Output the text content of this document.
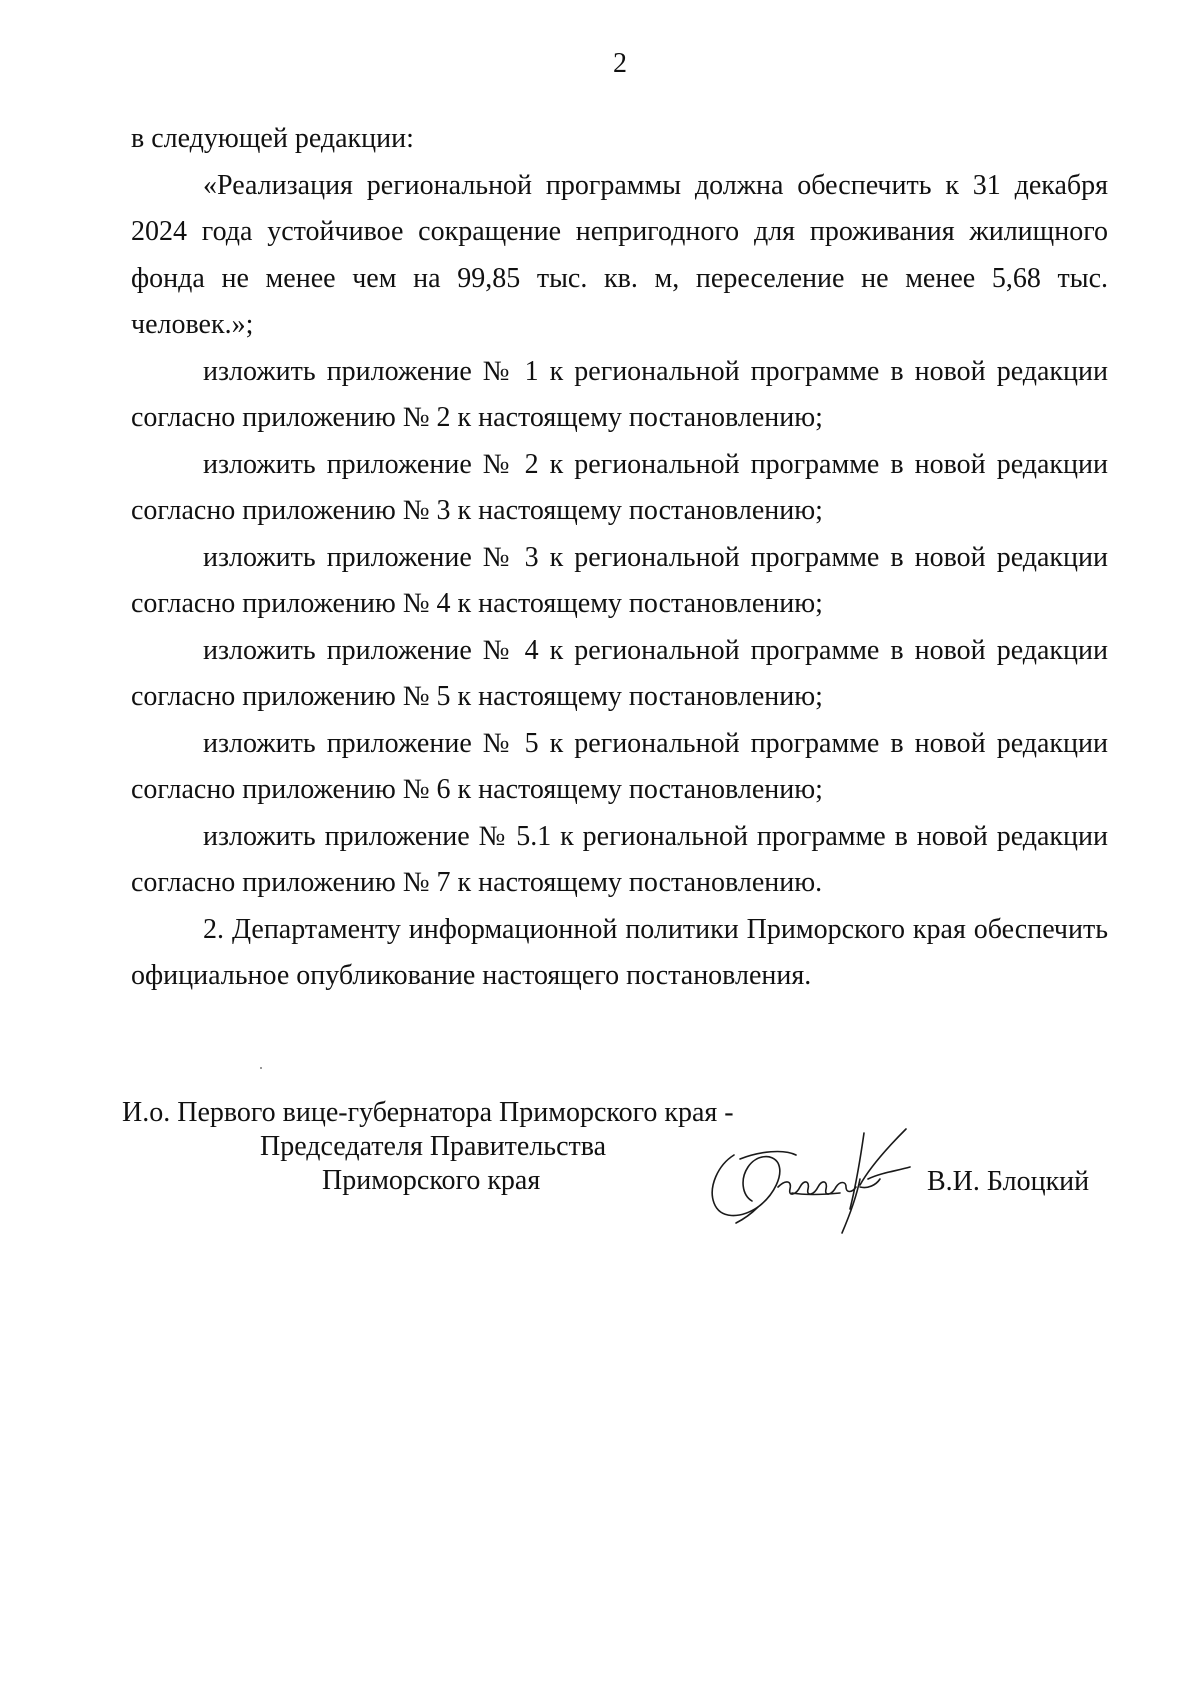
2

в следующей редакции:

«Реализация региональной программы должна обеспечить к 31 декабря 2024 года устойчивое сокращение непригодного для проживания жилищного фонда не менее чем на 99,85 тыс. кв. м, переселение не менее 5,68 тыс. человек.»;

изложить приложение № 1 к региональной программе в новой редакции согласно приложению № 2 к настоящему постановлению;

изложить приложение № 2 к региональной программе в новой редакции согласно приложению № 3 к настоящему постановлению;

изложить приложение № 3 к региональной программе в новой редакции согласно приложению № 4 к настоящему постановлению;

изложить приложение № 4 к региональной программе в новой редакции согласно приложению № 5 к настоящему постановлению;

изложить приложение № 5 к региональной программе в новой редакции согласно приложению № 6 к настоящему постановлению;

изложить приложение № 5.1 к региональной программе в новой редакции согласно приложению № 7 к настоящему постановлению.

2. Департаменту информационной политики Приморского края обеспечить официальное опубликование настоящего постановления.

И.о. Первого вице-губернатора Приморского края -
Председателя Правительства
Приморского края	В.И. Блоцкий
